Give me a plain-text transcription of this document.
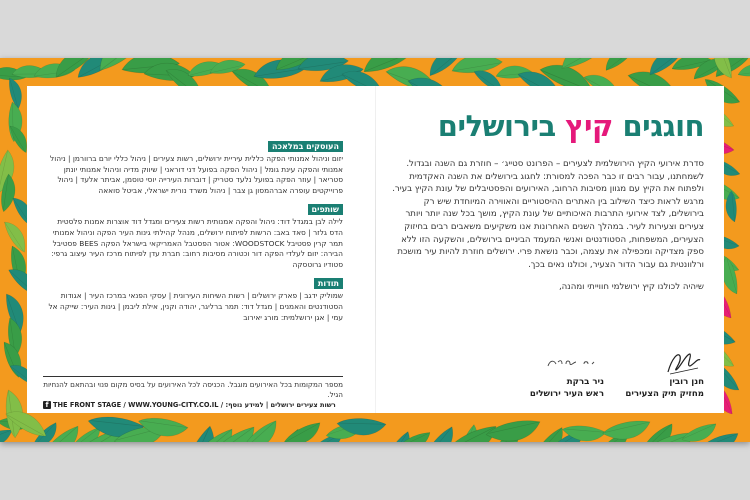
חוגגים קיץ בירושלים

סדרת אירועי הקיץ הירושלמית לצעירים – הפרונט סטייג׳ – חוזרת גם השנה ובגדול. לשמחתנו, עבור רבים זו כבר הפכה למסורת: לחגוג בירושלים את השנה האקדמית ולפתוח את הקיץ עם מגוון מסיבות הרחוב, האירועים והפסטיבלים של עונת הקיץ בעיר. מרגש לראות כיצד השילוב בין האתרים ההיסטוריים והאווירה המיוחדת שיש רק בירושלים, לצד אירועי התרבות האיכותיים של עונת הקיץ, מושך בכל שנה יותר ויותר צעירים וצעירות לעיר. במהלך השנים האחרונות אנו משקיעים משאבים רבים בחיזוק הצעירים, המשפחות, הסטודנטים ואנשי המעמד הביניים בירושלים, והשקעה הזו ללא ספק מצדיקה ומכפילה את עצמה, וכבר נושאת פרי. ירושלים חוזרת להיות עיר מושכת ורלוונטית גם עבור הדור הצעיר, וכולנו נאים בכך.

שיהיה לכולנו קיץ ירושלמי חווייתי ומהנה,

חנן רובין
מחזיק תיק הצעירים
ניר ברקת
ראש העיר ירושלים
העוסקים במלאכה

יזום וניהול אמנותי הפקה כללית עיריית ירושלים, רשות צעירים | ניהול כללי יורם ברוורמן | ניהול אמנותי והפקה עינת גומל | ניהול הפקה בפועל דני דוראני | שיווק מדיה וניהול אמנותי יונתן סטריאר | עוזר הפקה בפועל נלעד סטריק | דוברות העירייה יוסי טוסמן, אביתר אלעד | ניהול פרוייקטים עופרה אברהמסון גן צבר | ניהול משרד נורית ישראלי, אביטל סואאה

שותפים

לילה לבן במגדל דוד: ניהול והפקה אמנותית רשות צעירים ומגדל דוד אוצרות אמנות פלסטית הדס גלזר | סאד באב: הרשות לפיתוח ירושלים, מנהל קהילתי גינות העיר הפקה וניהול אמנותי תמר קרין פסטיבל WOODSTOCK: אטור הפסטבל האמריקאי בישראל הפקה BEES פסטיבל הבירה: יזום לעלדי הפקה דור וכטורה מסיבות רחוב: חברת עדן לפיתוח מרכז העיר עיצוב גרפי: סטודיו גרוטסקה

תודות

שמוליק ידגב | פארק ירושלים | רשות השיחות העירונית | עסקי הפנאי במרכז העיר | אגודות הסטודנטים והאמנים | מגדל דוד: תמר ברליגר, יהודה וקנין, אילת ליבמן | גינות העיר: שייקה אל עמי | אגן ירושלמית: מורג יאירוב

מספר המקומות בכל האירועים מוגבל. הכניסה לכל האירועים על בסיס מקום פנוי ובהתאם להנחיות הגיל.

f THE FRONT STAGE / WWW.YOUNG-CITY.CO.IL / רשות צעירים ירושלים | למידע נוסף:
